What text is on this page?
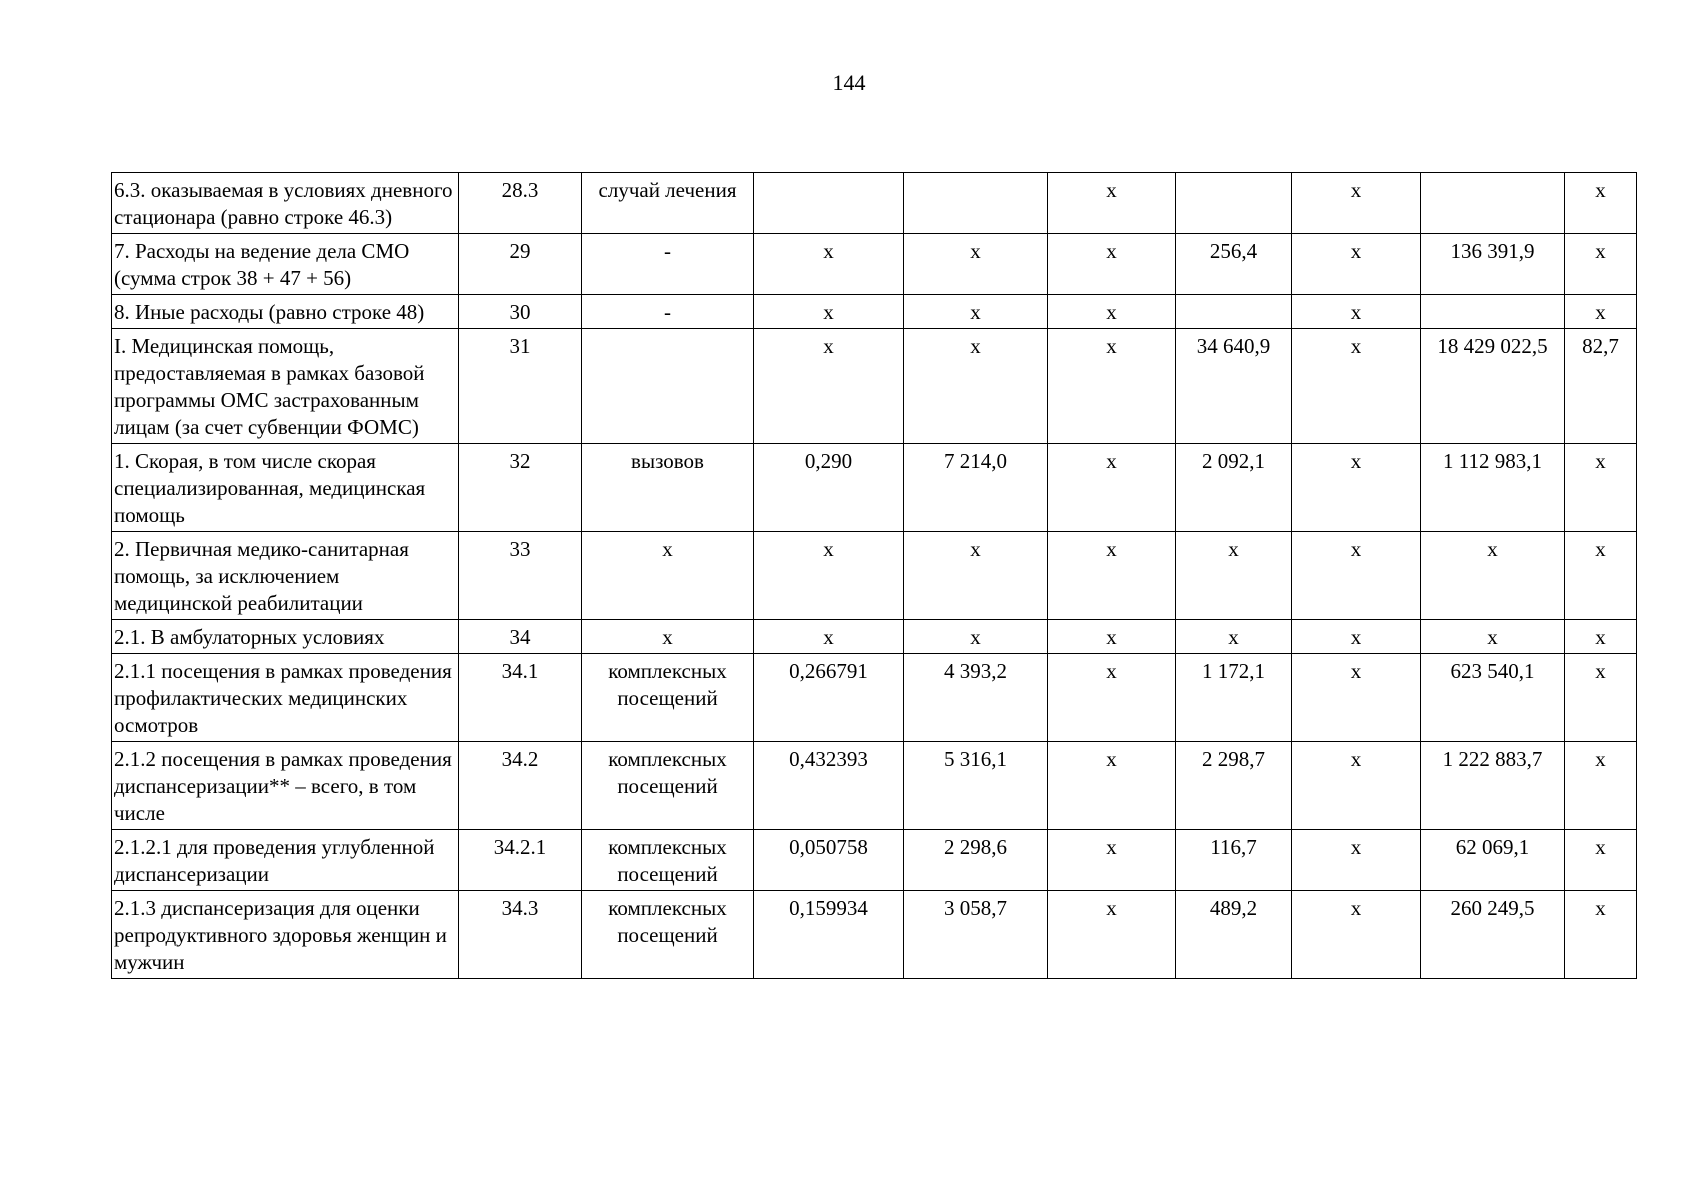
144
6.3. оказываемая в условиях дневного стационара (равно строке 46.3)	28.3	случай лечения			х		х		х
7. Расходы на ведение дела СМО (сумма строк 38 + 47 + 56)	29	-	х	х	х	256,4	х	136 391,9	х
8. Иные расходы (равно строке 48)	30	-	х	х	х		х		х
I. Медицинская помощь, предоставляемая в рамках базовой программы ОМС застрахованным лицам (за счет субвенции ФОМС)	31		х	х	х	34 640,9	х	18 429 022,5	82,7
1. Скорая, в том числе скорая специализированная, медицинская помощь	32	вызовов	0,290	7 214,0	х	2 092,1	х	1 112 983,1	х
2. Первичная медико-санитарная помощь, за исключением медицинской реабилитации	33	х	х	х	х	х	х	х	х
2.1. В амбулаторных условиях	34	х	х	х	х	х	х	х	х
2.1.1 посещения в рамках проведения профилактических медицинских осмотров	34.1	комплексных посещений	0,266791	4 393,2	х	1 172,1	х	623 540,1	х
2.1.2 посещения в рамках проведения диспансеризации** – всего, в том числе	34.2	комплексных посещений	0,432393	5 316,1	х	2 298,7	х	1 222 883,7	х
2.1.2.1 для проведения углубленной диспансеризации	34.2.1	комплексных посещений	0,050758	2 298,6	х	116,7	х	62 069,1	х
2.1.3 диспансеризация для оценки репродуктивного здоровья женщин и мужчин	34.3	комплексных посещений	0,159934	3 058,7	х	489,2	х	260 249,5	х
